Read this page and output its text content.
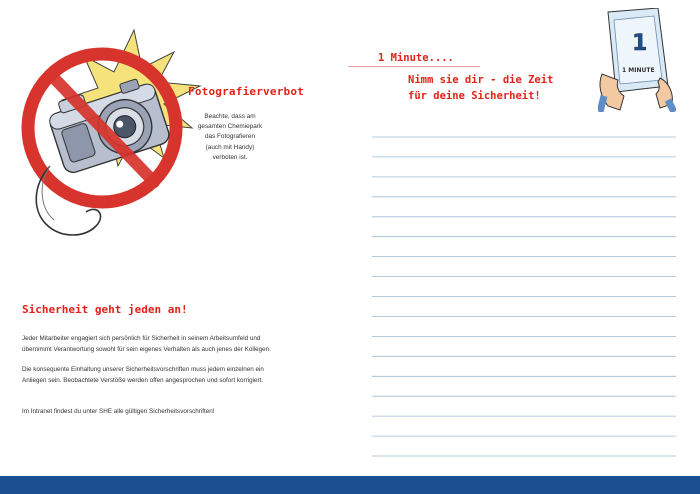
Fotografierverbot
Beachte, dass am
gesamten Chemiepark
das Fotografieren
(auch mit Handy)
verboten ist.
Sicherheit geht jeden an!
Jeder Mitarbeiter engagiert sich persönlich für Sicherheit in seinem Arbeitsumfeld und
übernimmt Verantwortung sowohl für sein eigenes Verhalten als auch jenes der Kollegen.
Die konsequente Einhaltung unserer Sicherheitsvorschriften muss jedem einzelnen ein
Anliegen sein. Beobachtete Verstöße werden offen angesprochen und sofort korrigiert.
Im Intranet findest du unter SHE alle gültigen Sicherheitsvorschriften!
1 Minute....
Nimm sie dir - die Zeit
für deine Sicherheit!
1
1 MINUTE
